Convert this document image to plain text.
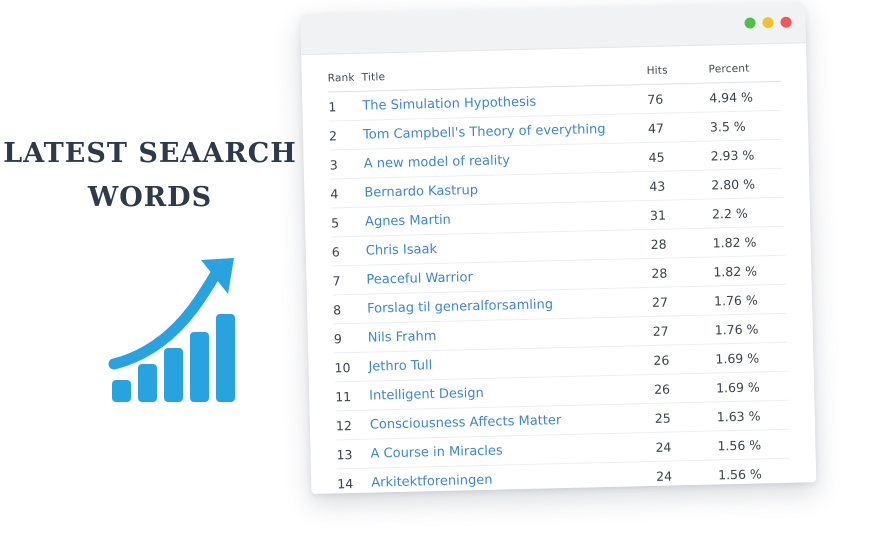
LATEST SEAARCH WORDS
Rank	Title	Hits	Percent
1	The Simulation Hypothesis	76	4.94 %
2	Tom Campbell's Theory of everything	47	3.5 %
3	A new model of reality	45	2.93 %
4	Bernardo Kastrup	43	2.80 %
5	Agnes Martin	31	2.2 %
6	Chris Isaak	28	1.82 %
7	Peaceful Warrior	28	1.82 %
8	Forslag til generalforsamling	27	1.76 %
9	Nils Frahm	27	1.76 %
10	Jethro Tull	26	1.69 %
11	Intelligent Design	26	1.69 %
12	Consciousness Affects Matter	25	1.63 %
13	A Course in Miracles	24	1.56 %
14	Arkitektforeningen	24	1.56 %
